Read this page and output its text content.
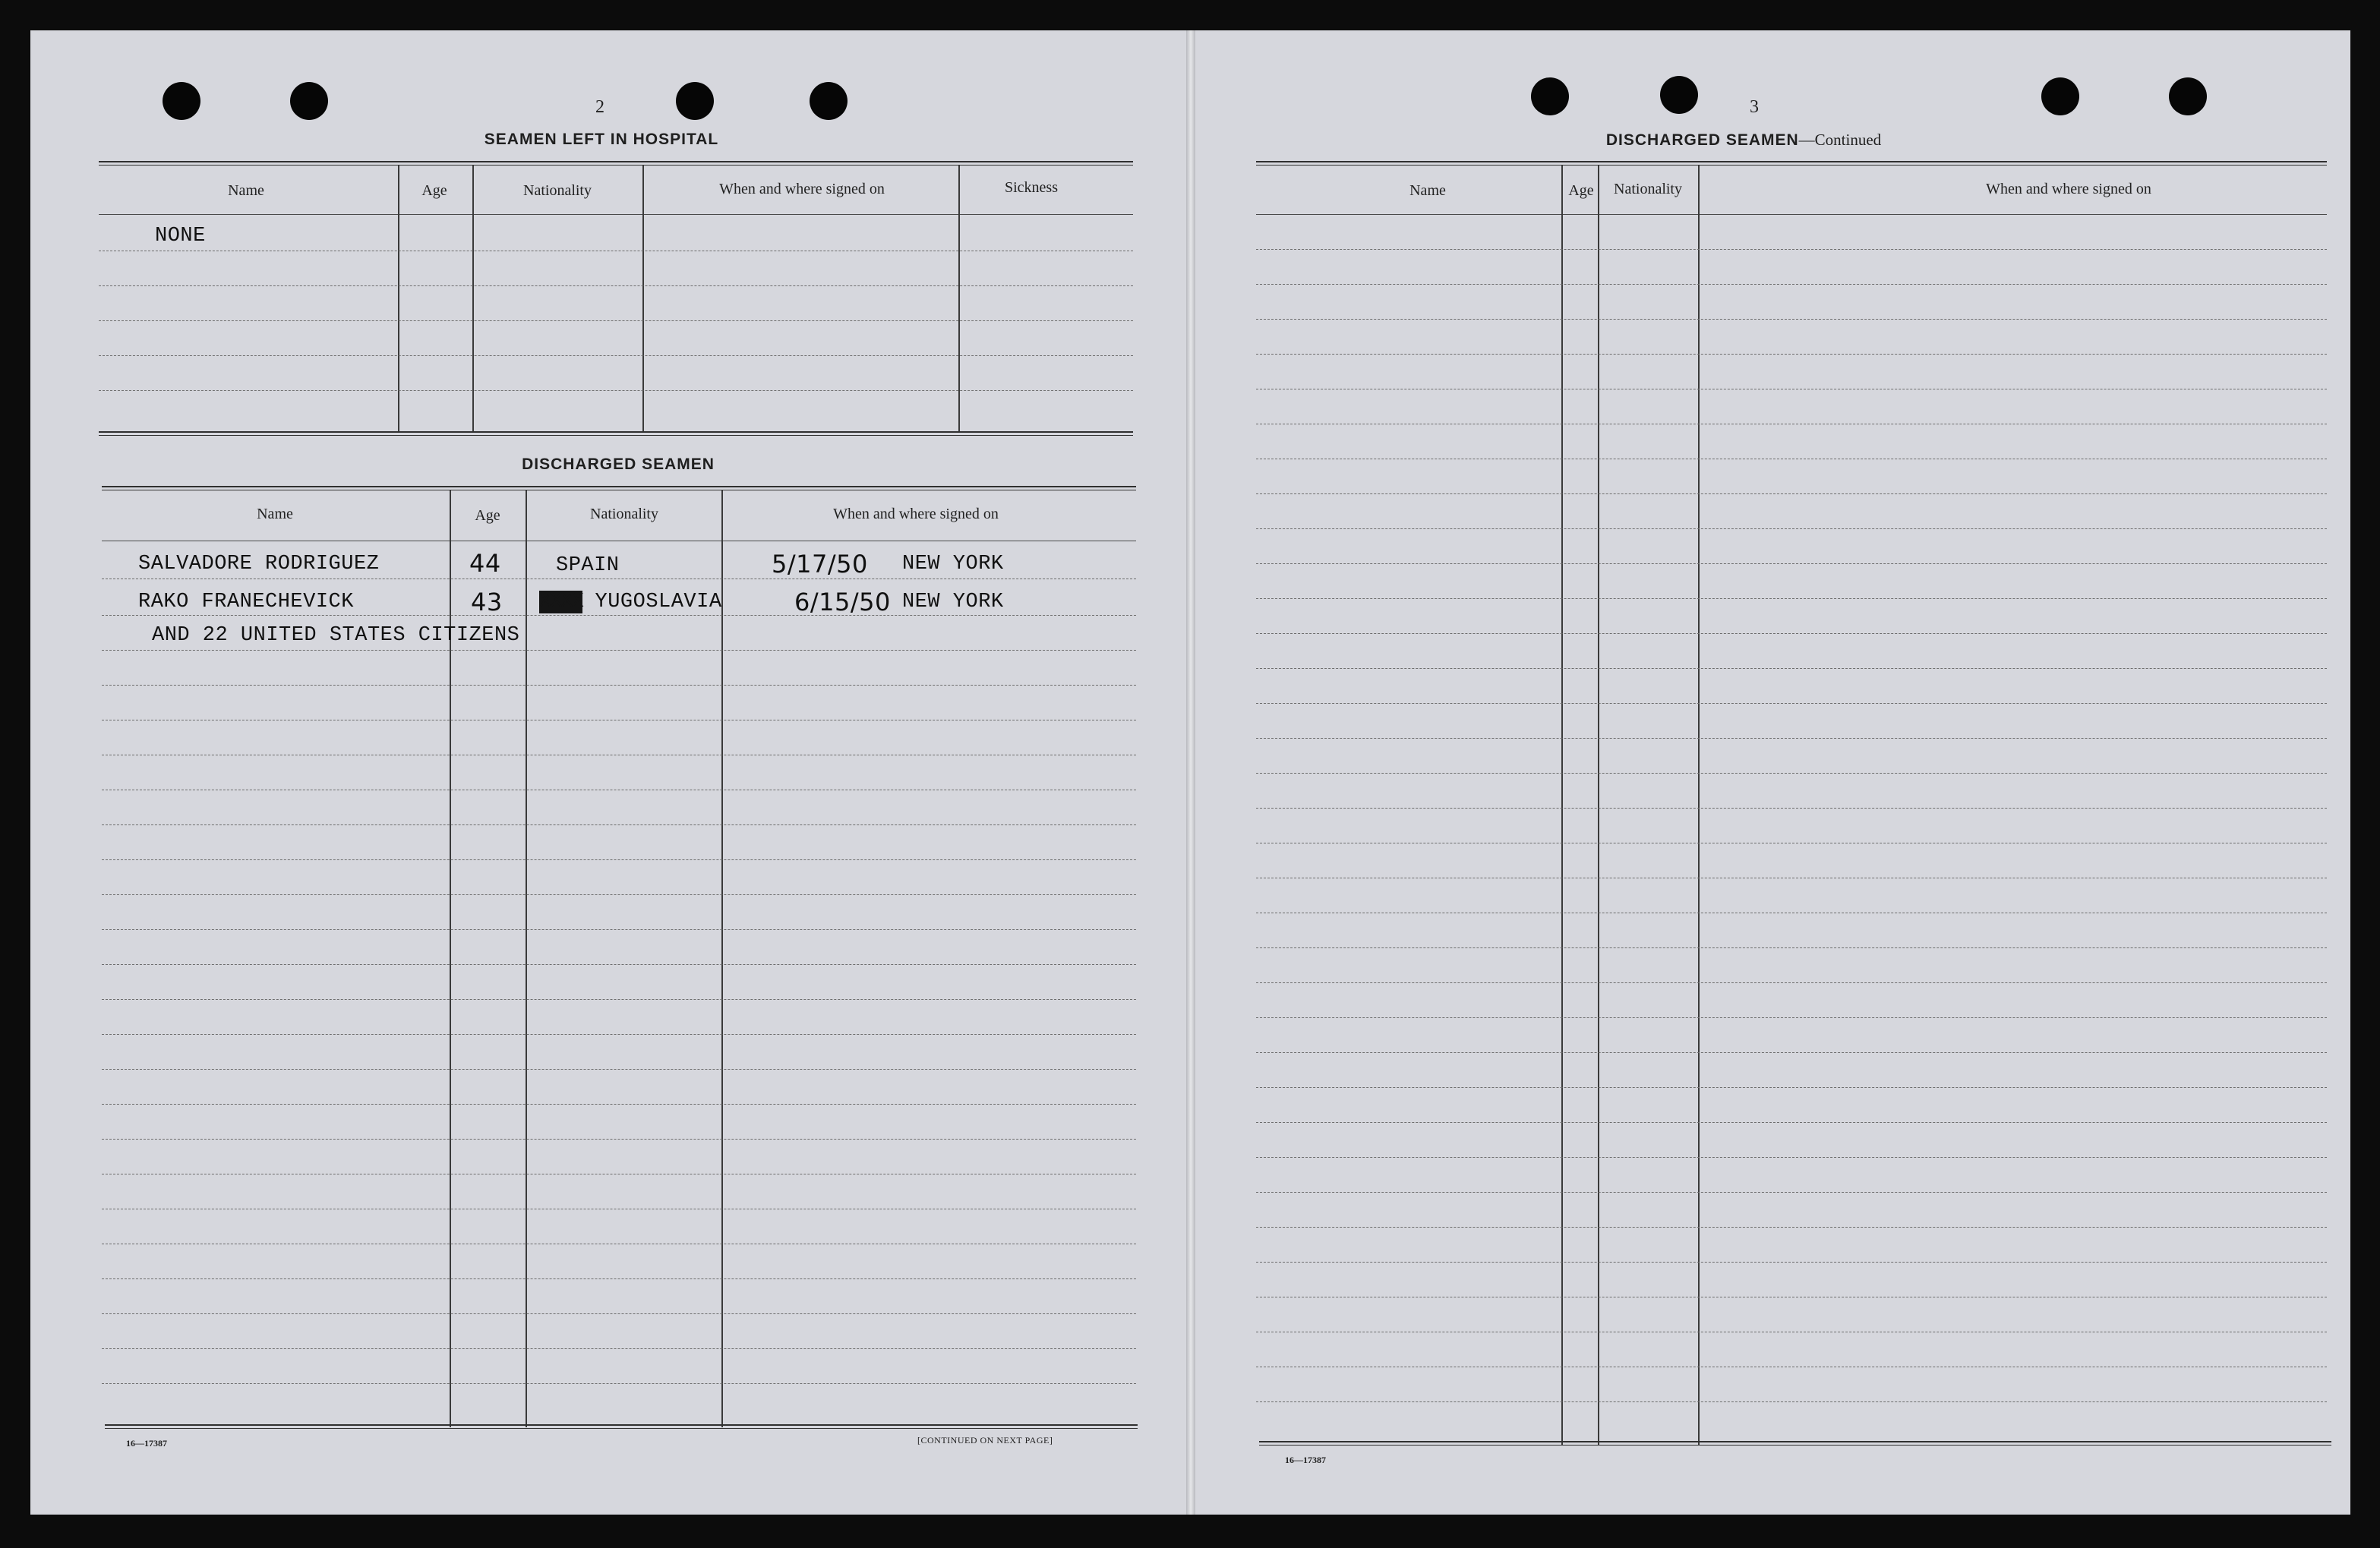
2
SEAMEN LEFT IN HOSPITAL
Name	Age	Nationality	When and where signed on	Sickness
NONE
DISCHARGED SEAMEN
Name	Age	Nationality	When and where signed on
SALVADORE RODRIGUEZ	44	SPAIN	5/17/50 NEW YORK
RAKO FRANECHEVICK	43 XXXX YUGOSLAVIA	6/15/50 NEW YORK
AND 22 UNITED STATES CITIZENS
16—17387	[CONTINUED ON NEXT PAGE]
3
DISCHARGED SEAMEN—Continued
Name	Age Nationality	When and where signed on
16—17387
